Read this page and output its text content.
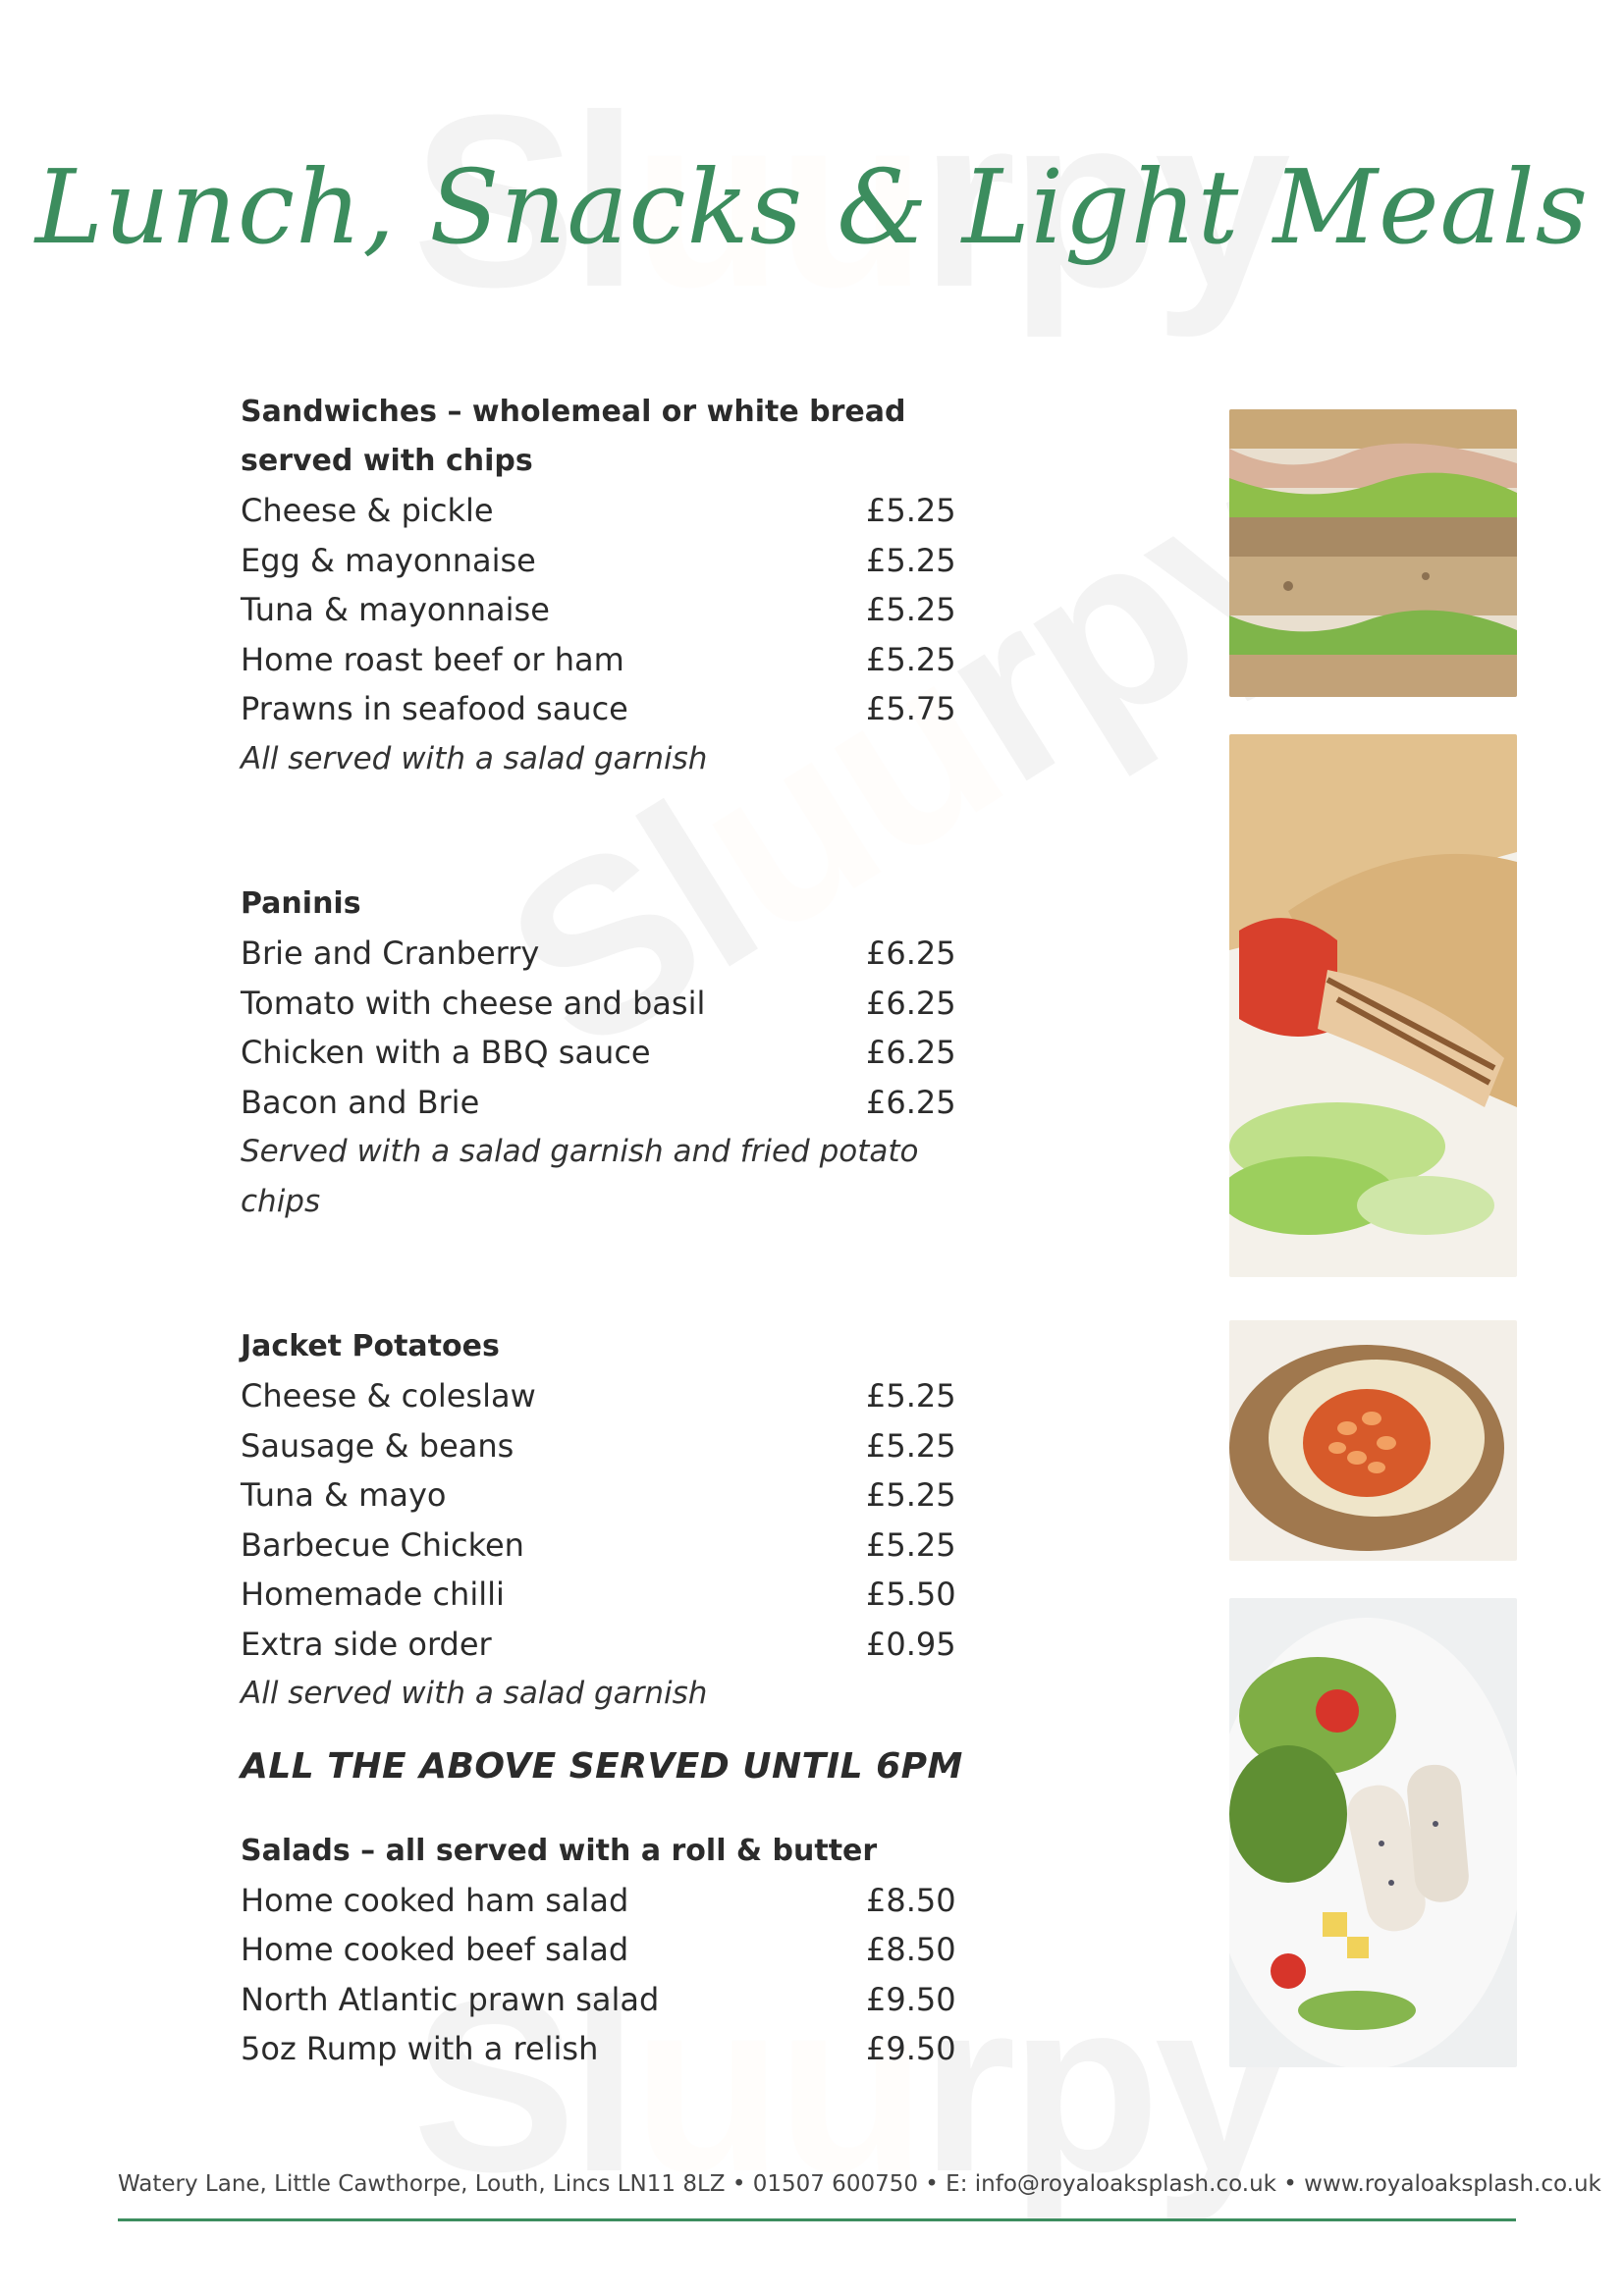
Lunch, Snacks & Light Meals
Sandwiches – wholemeal or white bread served with chips
Cheese & pickle	£5.25
Egg & mayonnaise	£5.25
Tuna & mayonnaise	£5.25
Home roast beef or ham	£5.25
Prawns in seafood sauce	£5.75
All served with a salad garnish
Paninis
Brie and Cranberry	£6.25
Tomato with cheese and basil	£6.25
Chicken with a BBQ sauce	£6.25
Bacon and Brie	£6.25
Served with a salad garnish and fried potato chips
Jacket Potatoes
Cheese & coleslaw	£5.25
Sausage & beans	£5.25
Tuna & mayo	£5.25
Barbecue Chicken	£5.25
Homemade chilli	£5.50
Extra side order	£0.95
All served with a salad garnish
ALL THE ABOVE SERVED UNTIL 6PM
Salads – all served with a roll & butter
Home cooked ham salad	£8.50
Home cooked beef salad	£8.50
North Atlantic prawn salad	£9.50
5oz Rump with a relish	£9.50
Watery Lane, Little Cawthorpe, Louth, Lincs LN11 8LZ • 01507 600750 • E: info@royaloaksplash.co.uk • www.royaloaksplash.co.uk
